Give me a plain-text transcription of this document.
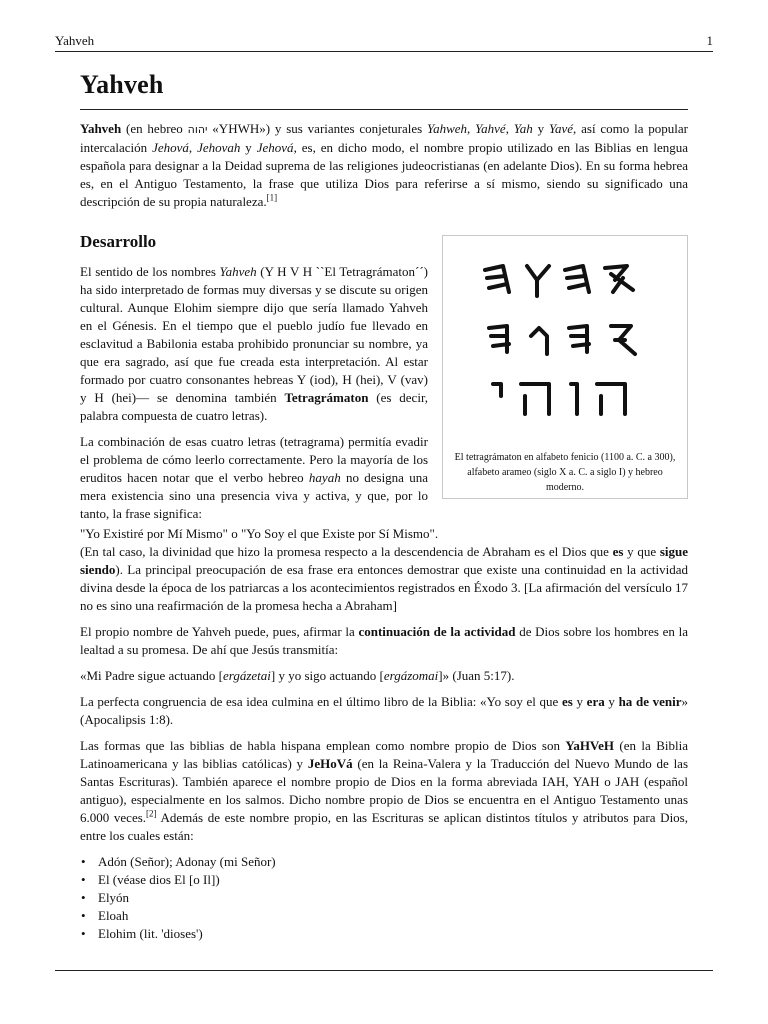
Yahveh	1
Yahveh

Yahveh (en hebreo יהוה «YHWH») y sus variantes conjeturales Yahweh, Yahvé, Yah y Yavé, así como la popular intercalación Jehová, Jehovah y Jehová, es, en dicho modo, el nombre propio utilizado en las Biblias en lengua española para designar a la Deidad suprema de las religiones judeocristianas (en adelante Dios). En su forma hebrea es, en el Antiguo Testamento, la frase que utiliza Dios para referirse a sí mismo, siendo su significado una descripción de su propia naturaleza.[1]

Desarrollo
El tetragrámaton en alfabeto fenicio (1100 a. C. a 300), alfabeto arameo (siglo X a. C. a siglo I) y hebreo moderno.

El sentido de los nombres Yahveh (Y H V H ``El Tetragrámaton´´) ha sido interpretado de formas muy diversas y se discute su origen cultural. Aunque Elohim siempre dijo que sería llamado Yahveh en el Génesis. En el tiempo que el pueblo judío fue llevado en esclavitud a Babilonia estaba prohibido pronunciar su nombre, ya que era sagrado, así que fue creada esta interpretación. Al estar formado por cuatro consonantes hebreas Y (iod), H (hei), V (vav) y H (hei)— se denomina también Tetragrámaton (es decir, palabra compuesta de cuatro letras).

La combinación de esas cuatro letras (tetragrama) permitía evadir el problema de cómo leerlo correctamente. Pero la mayoría de los eruditos hacen notar que el verbo hebreo hayah no designa una mera existencia sino una presencia viva y activa, y que, por lo tanto, la frase significa:

"Yo Existiré por Mí Mismo" o "Yo Soy el que Existe por Sí Mismo".

(En tal caso, la divinidad que hizo la promesa respecto a la descendencia de Abraham es el Dios que es y que sigue siendo). La principal preocupación de esa frase era entonces demostrar que existe una continuidad en la actividad divina desde la época de los patriarcas a los acontecimientos registrados en Éxodo 3. [La afirmación del versículo 17 no es sino una reafirmación de la promesa hecha a Abraham]

El propio nombre de Yahveh puede, pues, afirmar la continuación de la actividad de Dios sobre los hombres en la lealtad a su promesa. De ahí que Jesús transmitía:

«Mi Padre sigue actuando [ergázetai] y yo sigo actuando [ergázomai]» (Juan 5:17).

La perfecta congruencia de esa idea culmina en el último libro de la Biblia: «Yo soy el que es y era y ha de venir» (Apocalipsis 1:8).

Las formas que las biblias de habla hispana emplean como nombre propio de Dios son YaHVeH (en la Biblia Latinoamericana y las biblias católicas) y JeHoVá (en la Reina-Valera y la Traducción del Nuevo Mundo de las Santas Escrituras). También aparece el nombre propio de Dios en la forma abreviada IAH, YAH o JAH (español antiguo), especialmente en los salmos. Dicho nombre propio de Dios se encuentra en el Antiguo Testamento unas 6.000 veces.[2] Además de este nombre propio, en las Escrituras se aplican distintos títulos y atributos para Dios, entre los cuales están:

• Adón (Señor); Adonay (mi Señor)
• El (véase dios El [o Il])
• Elyón
• Eloah
• Elohim (lit. 'dioses')
